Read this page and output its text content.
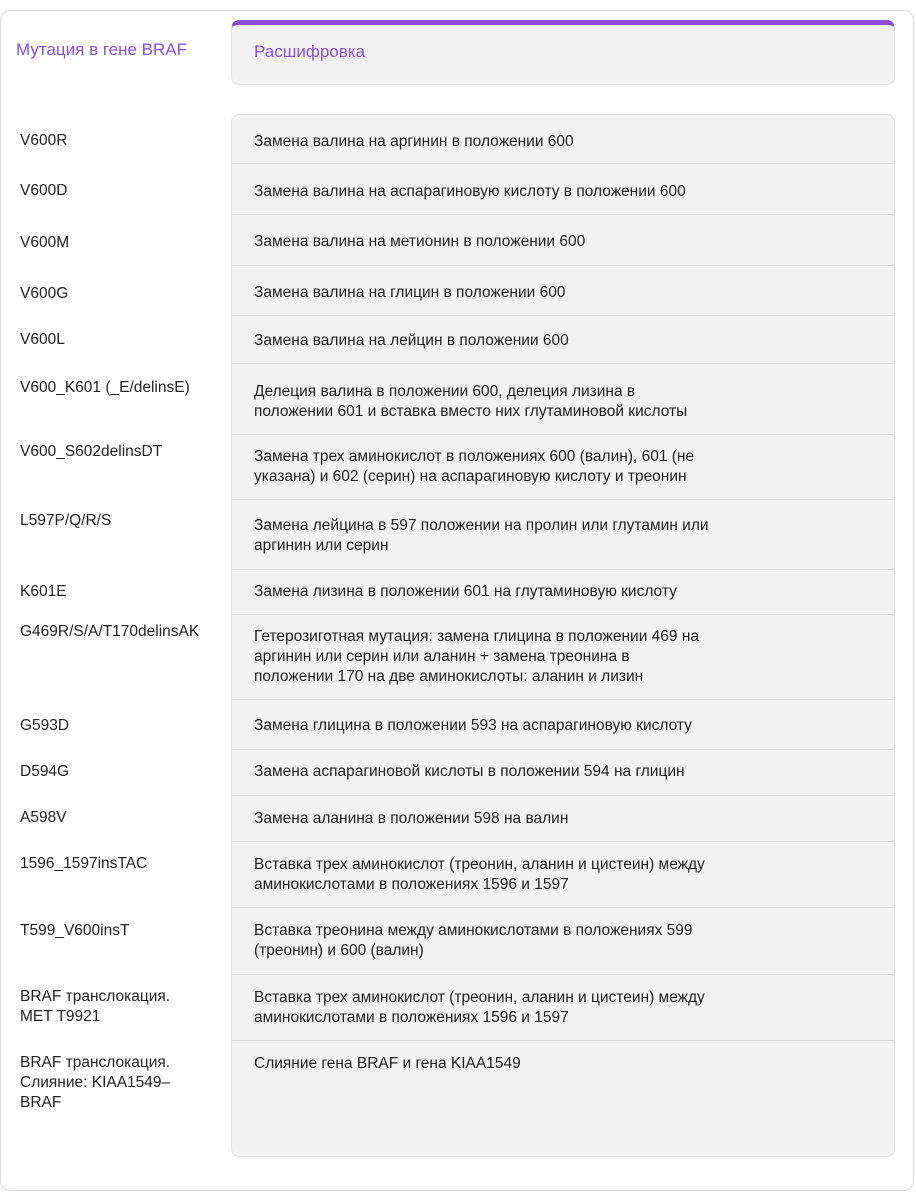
Мутация в гене BRAF	Расшифровка
Замена валина на аргинин в положении 600
Замена валина на аспарагиновую кислоту в положении 600
Замена валина на метионин в положении 600
Замена валина на глицин в положении 600
Замена валина на лейцин в положении 600
Делеция валина в положении 600, делеция лизина в
положении 601 и вставка вместо них глутаминовой кислоты
Замена трех аминокислот в положениях 600 (валин), 601 (не
указана) и 602 (серин) на аспарагиновую кислоту и треонин
Замена лейцина в 597 положении на пролин или глутамин или
аргинин или серин
Замена лизина в положении 601 на глутаминовую кислоту
Гетерозиготная мутация: замена глицина в положении 469 на
аргинин или серин или аланин + замена треонина в
положении 170 на две аминокислоты: аланин и лизин
Замена глицина в положении 593 на аспарагиновую кислоту
Замена аспарагиновой кислоты в положении 594 на глицин
Замена аланина в положении 598 на валин
Вставка трех аминокислот (треонин, аланин и цистеин) между
аминокислотами в положениях 1596 и 1597
Вставка треонина между аминокислотами в положениях 599
(треонин) и 600 (валин)
Вставка трех аминокислот (треонин, аланин и цистеин) между
аминокислотами в положениях 1596 и 1597
Слияние гена BRAF и гена KIAA1549
V600R
V600D
V600M
V600G
V600L
V600_K601 (_E/delinsE)
V600_S602delinsDT
L597P/Q/R/S
K601E
G469R/S/A/T170delinsAK
G593D
D594G
A598V
1596_1597insTAC
T599_V600insT
BRAF транслокация.
MET T9921
BRAF транслокация.
Слияние: KIAA1549–
BRAF
